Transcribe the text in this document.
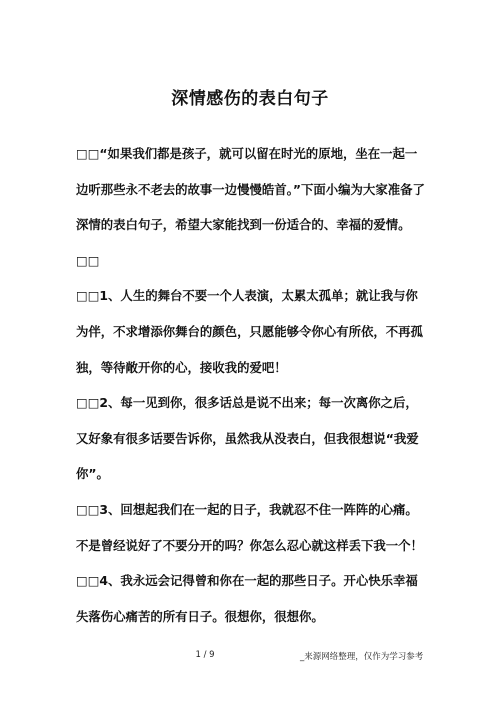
深情感伤的表白句子

□□“如果我们都是孩子，就可以留在时光的原地，坐在一起一边听那些永不老去的故事一边慢慢皓首。”下面小编为大家准备了深情的表白句子，希望大家能找到一份适合的、幸福的爱情。

□□

□□1、人生的舞台不要一个人表演，太累太孤单；就让我与你为伴，不求增添你舞台的颜色，只愿能够令你心有所依，不再孤独，等待敞开你的心，接收我的爱吧！

□□2、每一见到你，很多话总是说不出来；每一次离你之后，又好象有很多话要告诉你，虽然我从没表白，但我很想说“我爱你”。

□□3、回想起我们在一起的日子，我就忍不住一阵阵的心痛。不是曾经说好了不要分开的吗？你怎么忍心就这样丢下我一个！

□□4、我永远会记得曾和你在一起的那些日子。开心快乐幸福失落伤心痛苦的所有日子。很想你，很想你。

1 / 9	_来源网络整理，仅作为学习参考
